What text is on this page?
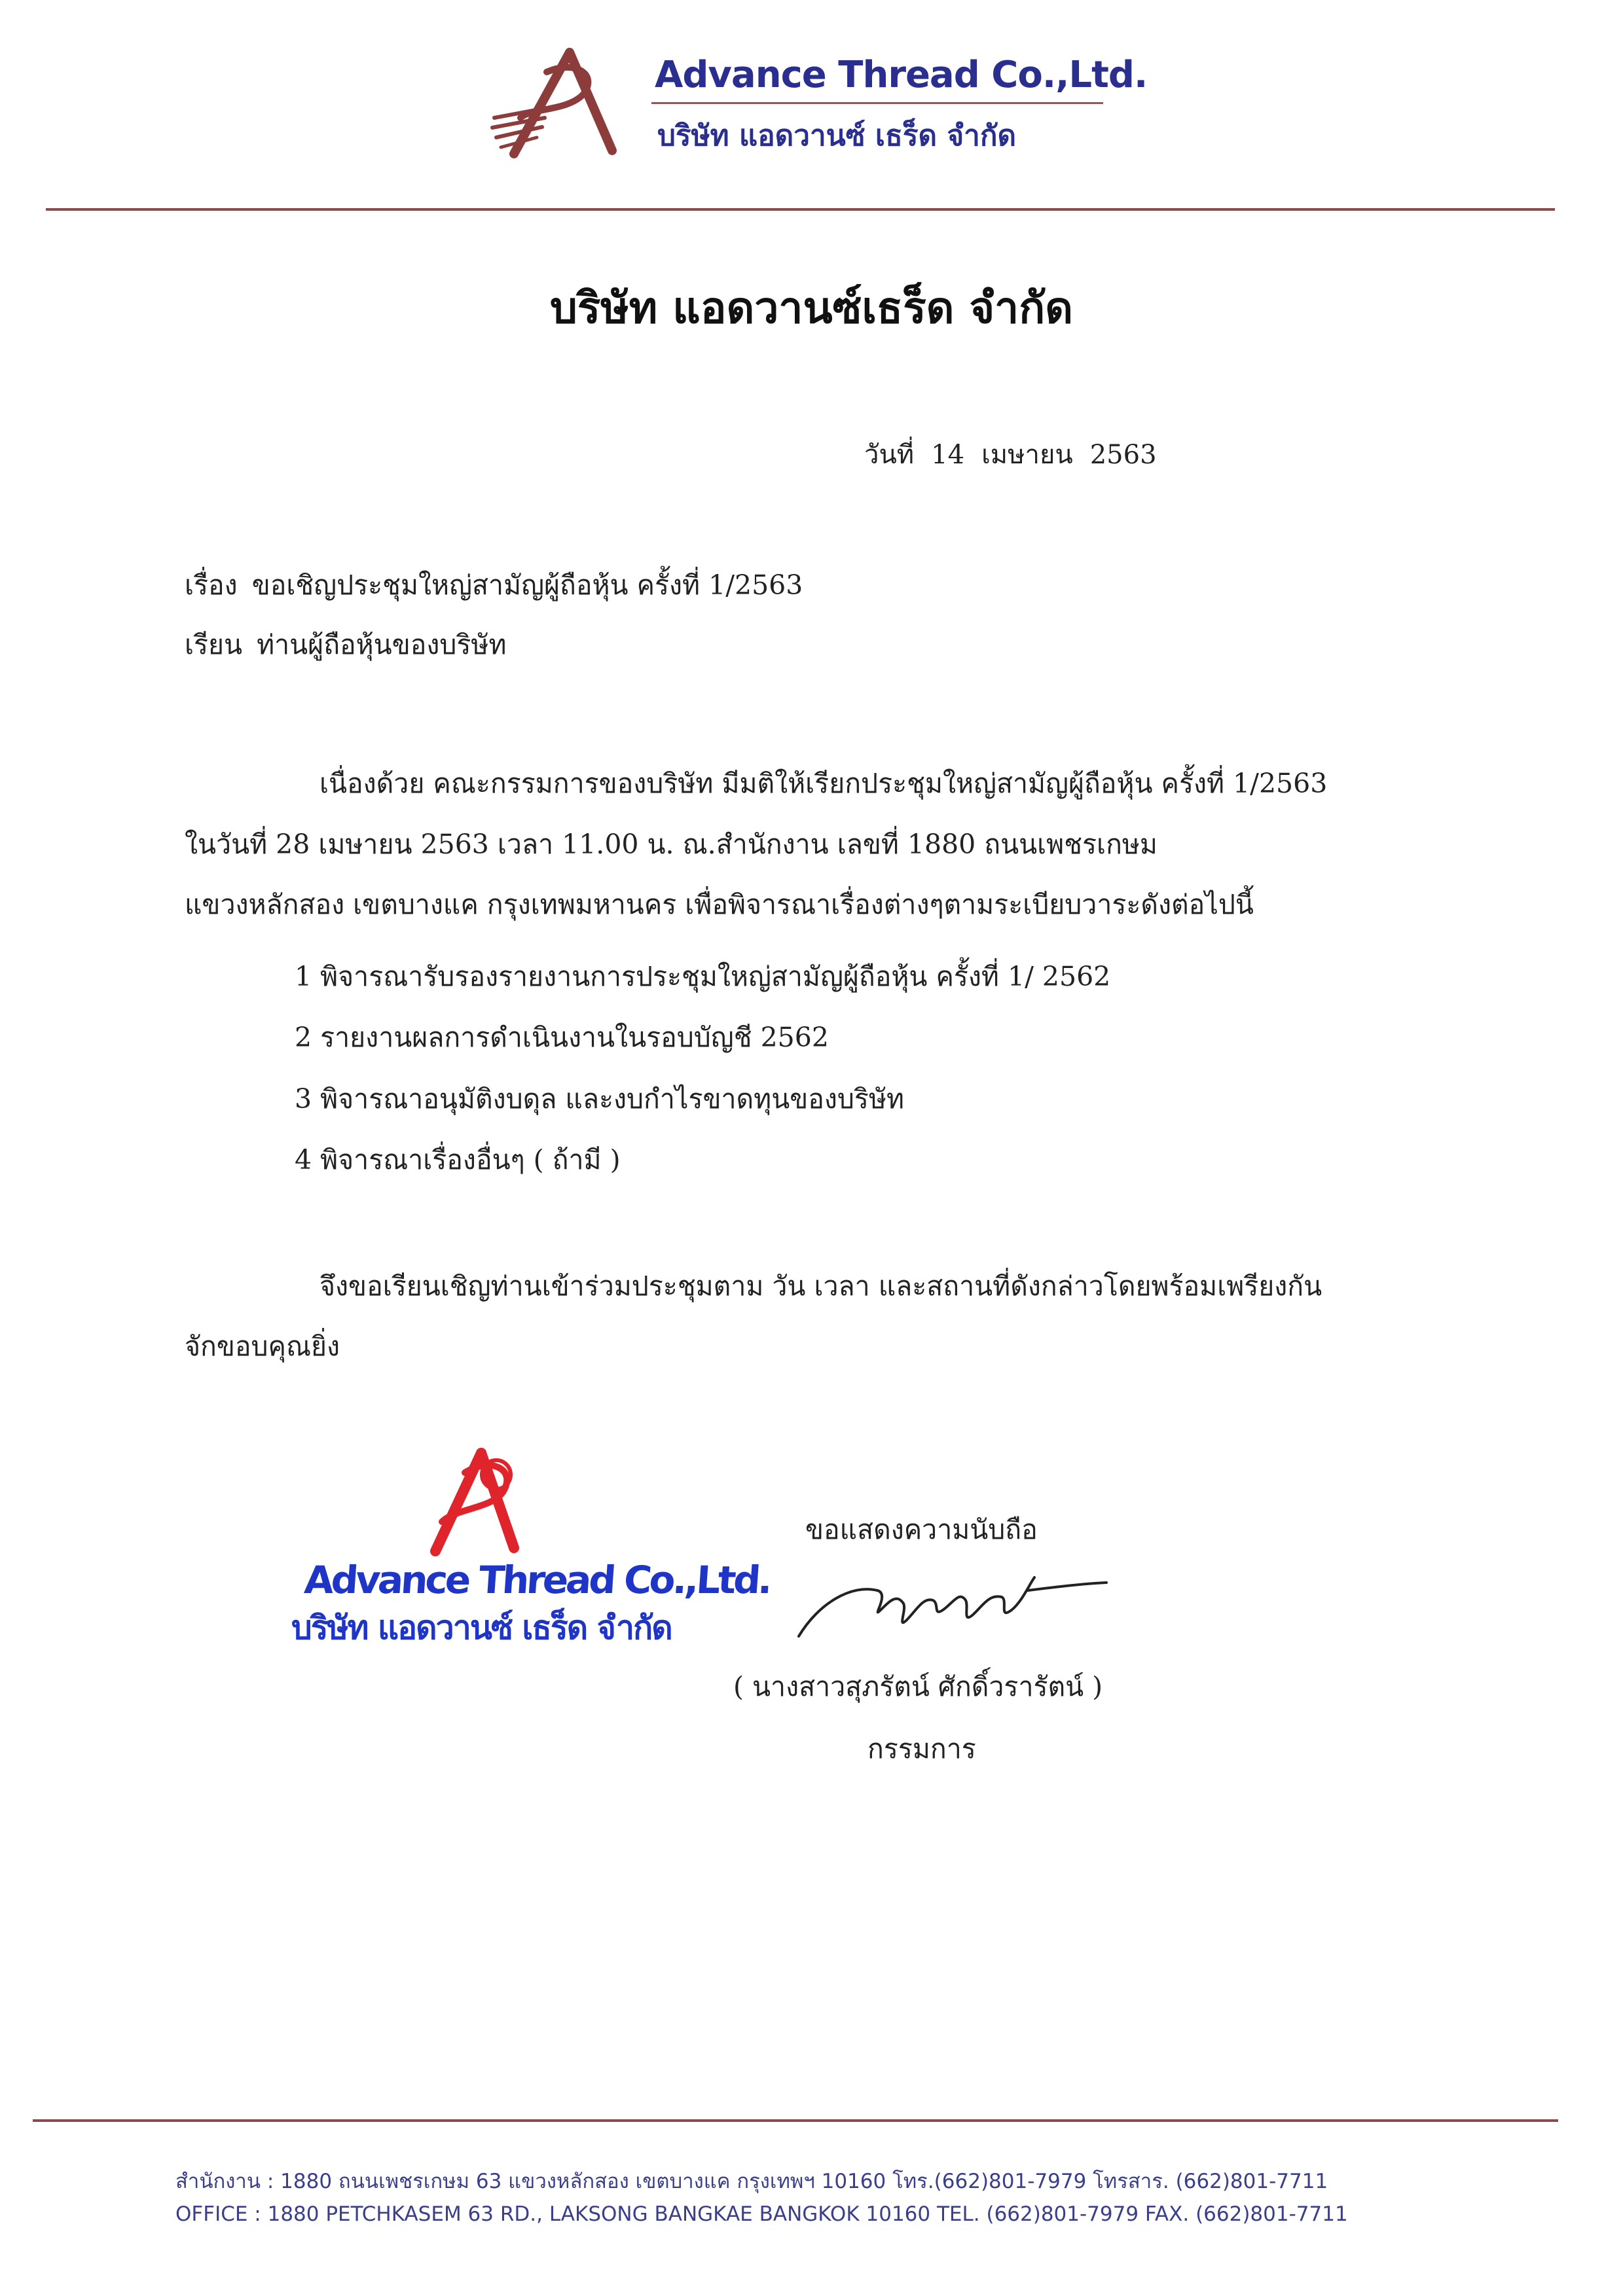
Advance Thread Co.,Ltd.
บริษัท แอดวานซ์ เธร็ด จำกัด
บริษัท แอดวานซ์เธร็ด จำกัด
วันที่ 14 เมษายน 2563
เรื่อง ขอเชิญประชุมใหญ่สามัญผู้ถือหุ้น ครั้งที่ 1/2563
เรียน ท่านผู้ถือหุ้นของบริษัท
เนื่องด้วย คณะกรรมการของบริษัท มีมติให้เรียกประชุมใหญ่สามัญผู้ถือหุ้น ครั้งที่ 1/2563
ในวันที่ 28 เมษายน 2563 เวลา 11.00 น. ณ.สำนักงาน เลขที่ 1880 ถนนเพชรเกษม
แขวงหลักสอง เขตบางแค กรุงเทพมหานคร เพื่อพิจารณาเรื่องต่างๆตามระเบียบวาระดังต่อไปนี้
1 พิจารณารับรองรายงานการประชุมใหญ่สามัญผู้ถือหุ้น ครั้งที่ 1/ 2562
2 รายงานผลการดำเนินงานในรอบบัญชี 2562
3 พิจารณาอนุมัติงบดุล และงบกำไรขาดทุนของบริษัท
4 พิจารณาเรื่องอื่นๆ ( ถ้ามี )
จึงขอเรียนเชิญท่านเข้าร่วมประชุมตาม วัน เวลา และสถานที่ดังกล่าวโดยพร้อมเพรียงกัน
จักขอบคุณยิ่ง
Advance Thread Co.,Ltd.
บริษัท แอดวานซ์ เธร็ด จำกัด
ขอแสดงความนับถือ
( นางสาวสุภรัตน์ ศักดิ์วรารัตน์ )
กรรมการ
สำนักงาน : 1880 ถนนเพชรเกษม 63 แขวงหลักสอง เขตบางแค กรุงเทพฯ 10160 โทร.(662)801-7979 โทรสาร. (662)801-7711
OFFICE : 1880 PETCHKASEM 63 RD., LAKSONG BANGKAE BANGKOK 10160 TEL. (662)801-7979 FAX. (662)801-7711
